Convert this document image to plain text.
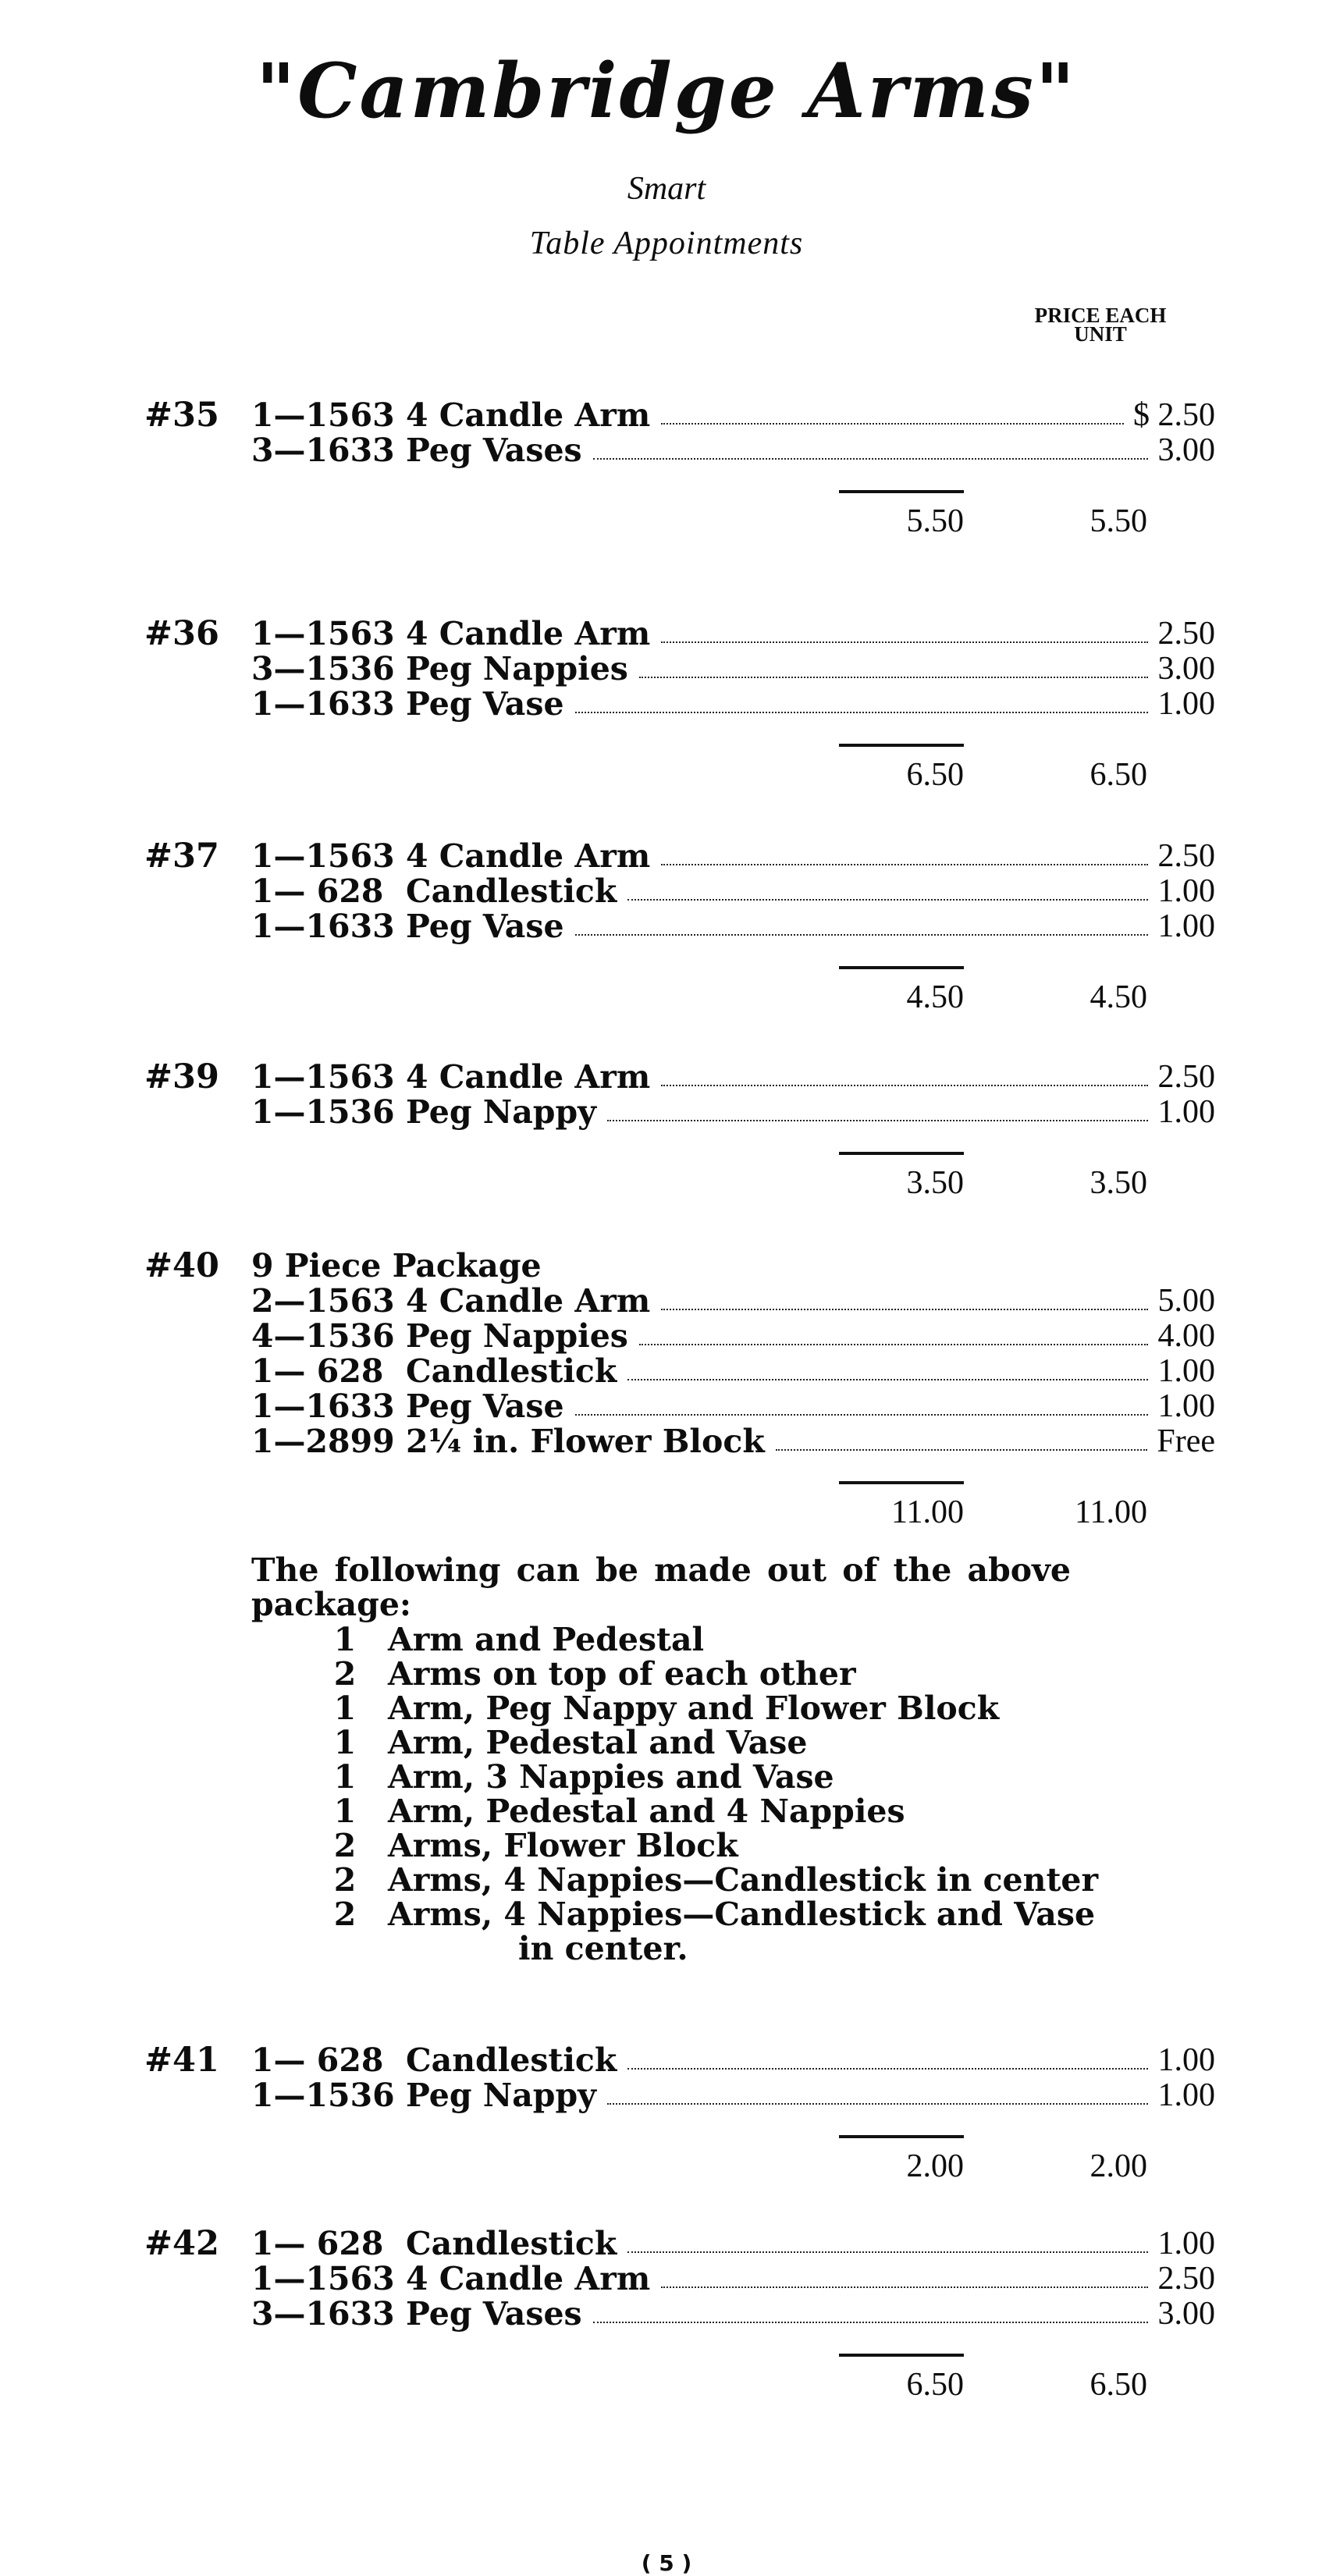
"Cambridge Arms"
Smart
Table Appointments
PRICE EACH UNIT
#35 1—1563 4 Candle Arm	$ 2.50
3—1633 Peg Vases	3.00
5.50	5.50
#36 1—1563 4 Candle Arm	2.50
3—1536 Peg Nappies	3.00
1—1633 Peg Vase	1.00
6.50	6.50
#37 1—1563 4 Candle Arm	2.50
1— 628 Candlestick	1.00
1—1633 Peg Vase	1.00
4.50	4.50
#39 1—1563 4 Candle Arm	2.50
1—1536 Peg Nappy	1.00
3.50	3.50
#40 9 Piece Package
2—1563 4 Candle Arm	5.00
4—1536 Peg Nappies	4.00
1— 628 Candlestick	1.00
1—1633 Peg Vase	1.00
1—2899 2¼ in. Flower Block	Free
11.00	11.00
#41 1— 628 Candlestick	1.00
1—1536 Peg Nappy	1.00
2.00	2.00
#42 1— 628 Candlestick	1.00
1—1563 4 Candle Arm	2.50
3—1633 Peg Vases	3.00
6.50	6.50
The following can be made out of the above package:
1 Arm and Pedestal
2 Arms on top of each other
1 Arm, Peg Nappy and Flower Block
1 Arm, Pedestal and Vase
1 Arm, 3 Nappies and Vase
1 Arm, Pedestal and 4 Nappies
2 Arms, Flower Block
2 Arms, 4 Nappies—Candlestick in center
2 Arms, 4 Nappies—Candlestick and Vase
in center.
( 5 )
